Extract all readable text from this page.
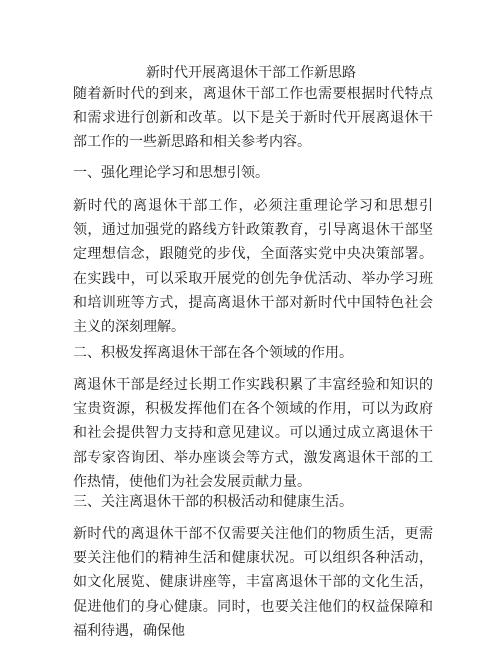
新时代开展离退休干部工作新思路

随着新时代的到来，离退休干部工作也需要根据时代特点和需求进行创新和改革。以下是关于新时代开展离退休干部工作的一些新思路和相关参考内容。

一、强化理论学习和思想引领。

新时代的离退休干部工作，必须注重理论学习和思想引领，通过加强党的路线方针政策教育，引导离退休干部坚定理想信念，跟随党的步伐，全面落实党中央决策部署。在实践中，可以采取开展党的创先争优活动、举办学习班和培训班等方式，提高离退休干部对新时代中国特色社会主义的深刻理解。

二、积极发挥离退休干部在各个领域的作用。

离退休干部是经过长期工作实践积累了丰富经验和知识的宝贵资源，积极发挥他们在各个领域的作用，可以为政府和社会提供智力支持和意见建议。可以通过成立离退休干部专家咨询团、举办座谈会等方式，激发离退休干部的工作热情，使他们为社会发展贡献力量。

三、关注离退休干部的积极活动和健康生活。

新时代的离退休干部不仅需要关注他们的物质生活，更需要关注他们的精神生活和健康状况。可以组织各种活动，如文化展览、健康讲座等，丰富离退休干部的文化生活，促进他们的身心健康。同时，也要关注他们的权益保障和福利待遇，确保他
